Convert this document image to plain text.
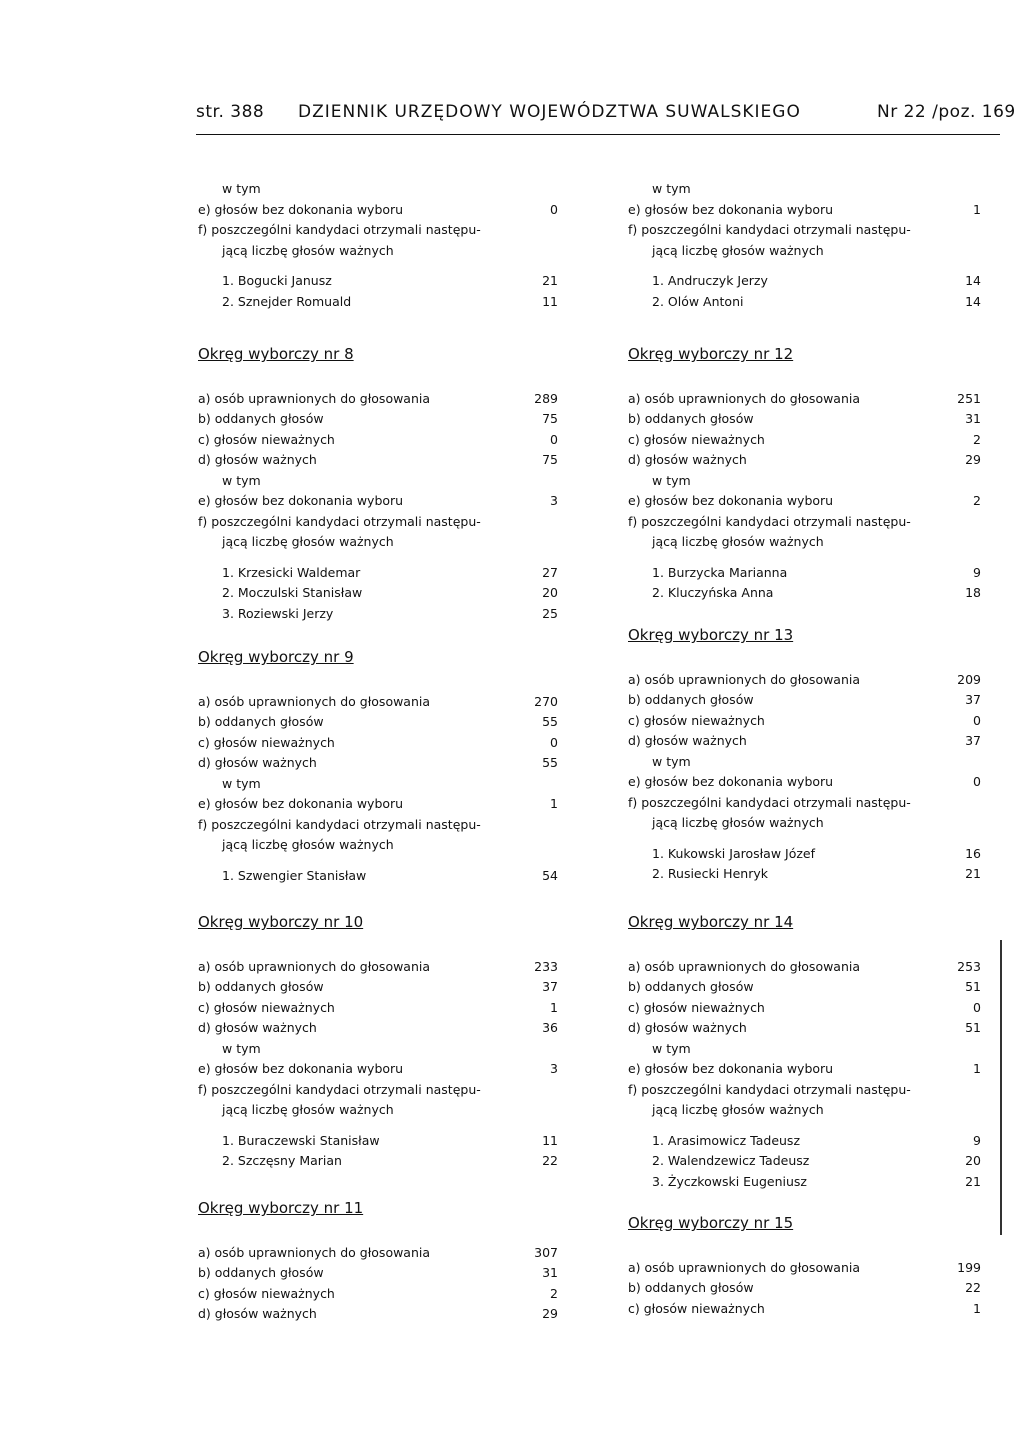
str. 388 DZIENNIK URZĘDOWY WOJEWÓDZTWA SUWALSKIEGO	Nr 22 /poz. 169
w tym
e) głosów bez dokonania wyboru	0
f) poszczególni kandydaci otrzymali następu-
jącą liczbę głosów ważnych
1. Bogucki Janusz	21
2. Sznejder Romuald	11
w tym
e) głosów bez dokonania wyboru	1
f) poszczególni kandydaci otrzymali następu-
jącą liczbę głosów ważnych
1. Andruczyk Jerzy	14
2. Olów Antoni	14
Okręg wyborczy nr 8
a) osób uprawnionych do głosowania	289
b) oddanych głosów	75
c) głosów nieważnych	0
d) głosów ważnych	75
w tym
e) głosów bez dokonania wyboru	3
f) poszczególni kandydaci otrzymali następu-
jącą liczbę głosów ważnych
1. Krzesicki Waldemar	27
2. Moczulski Stanisław	20
3. Roziewski Jerzy	25
Okręg wyborczy nr 12
a) osób uprawnionych do głosowania	251
b) oddanych głosów	31
c) głosów nieważnych	2
d) głosów ważnych	29
w tym
e) głosów bez dokonania wyboru	2
f) poszczególni kandydaci otrzymali następu-
jącą liczbę głosów ważnych
1. Burzycka Marianna	9
2. Kluczyńska Anna	18
Okręg wyborczy nr 9
a) osób uprawnionych do głosowania	270
b) oddanych głosów	55
c) głosów nieważnych	0
d) głosów ważnych	55
w tym
e) głosów bez dokonania wyboru	1
f) poszczególni kandydaci otrzymali następu-
jącą liczbę głosów ważnych
1. Szwengier Stanisław	54
Okręg wyborczy nr 13
a) osób uprawnionych do głosowania	209
b) oddanych głosów	37
c) głosów nieważnych	0
d) głosów ważnych	37
w tym
e) głosów bez dokonania wyboru	0
f) poszczególni kandydaci otrzymali następu-
jącą liczbę głosów ważnych
1. Kukowski Jarosław Józef	16
2. Rusiecki Henryk	21
Okręg wyborczy nr 10
a) osób uprawnionych do głosowania	233
b) oddanych głosów	37
c) głosów nieważnych	1
d) głosów ważnych	36
w tym
e) głosów bez dokonania wyboru	3
f) poszczególni kandydaci otrzymali następu-
jącą liczbę głosów ważnych
1. Buraczewski Stanisław	11
2. Szczęsny Marian	22
Okręg wyborczy nr 14
a) osób uprawnionych do głosowania	253
b) oddanych głosów	51
c) głosów nieważnych	0
d) głosów ważnych	51
w tym
e) głosów bez dokonania wyboru	1
f) poszczególni kandydaci otrzymali następu-
jącą liczbę głosów ważnych
1. Arasimowicz Tadeusz	9
2. Walendzewicz Tadeusz	20
3. Życzkowski Eugeniusz	21
Okręg wyborczy nr 11
a) osób uprawnionych do głosowania	307
b) oddanych głosów	31
c) głosów nieważnych	2
d) głosów ważnych	29
Okręg wyborczy nr 15
a) osób uprawnionych do głosowania	199
b) oddanych głosów	22
c) głosów nieważnych	1
